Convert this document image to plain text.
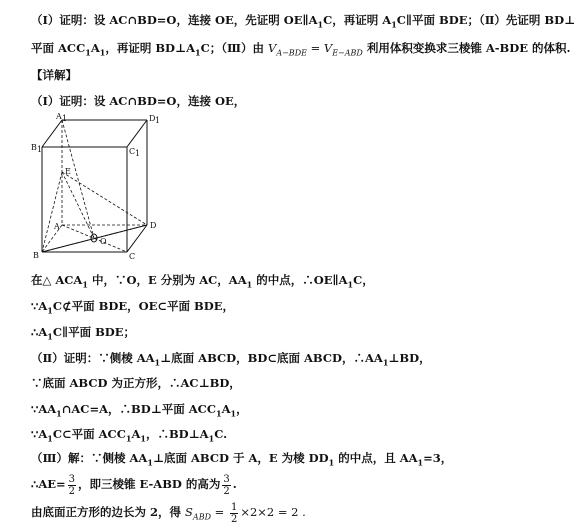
（Ⅰ）证明：设 AC∩BD=O，连接 OE，先证明 $OE\parallel A_1C$，再证明 $A_1C\parallel$平面 BDE；（Ⅱ）先证明 BD⊥
平面 $ACC_1A_1$，再证明 $BD\perp A_1C$；（Ⅲ）由 $V_{A-BDE} = V_{E-ABD}$ 利用体积变换求三棱锥 A-BDE 的体积.
【详解】
（Ⅰ）证明：设 AC∩BD=O，连接 OE，
A 1	D 1
B 1	C 1
E
A	D
B	C
O
在△ $ACA_1$ 中，∵O，E 分别为 AC，$AA_1$ 的中点，$\therefore OE\parallel A_1C$，
$\because A_1C⊄$平面 BDE，OE⊂平面 BDE，
$\therefore A_1C\parallel$平面 BDE；
（Ⅱ）证明：∵侧棱 $AA_1\perp$底面 ABCD，BD⊂底面 ABCD，$\therefore AA_1\perp BD$，
∵底面 ABCD 为正方形，∴AC⊥BD，
$\because AA_1\cap AC=A$，∴BD⊥平面 $ACC_1A_1$，
$\because A_1C\subset$平面 $ACC_1A_1$，$\therefore BD\perp A_1C$.
（Ⅲ）解：∵侧棱 $AA_1\perp$底面 ABCD 于 A，E 为棱 $DD_1$ 的中点，且 $AA_1=3$，
∴AE= $\frac{3}{2}$ ，即三棱锥 E-ABD 的高为 $\frac{3}{2}$ .
由底面正方形的边长为 2，得 $S_{ABD} = \frac{1}{2} \times 2\times 2 = 2$ .
